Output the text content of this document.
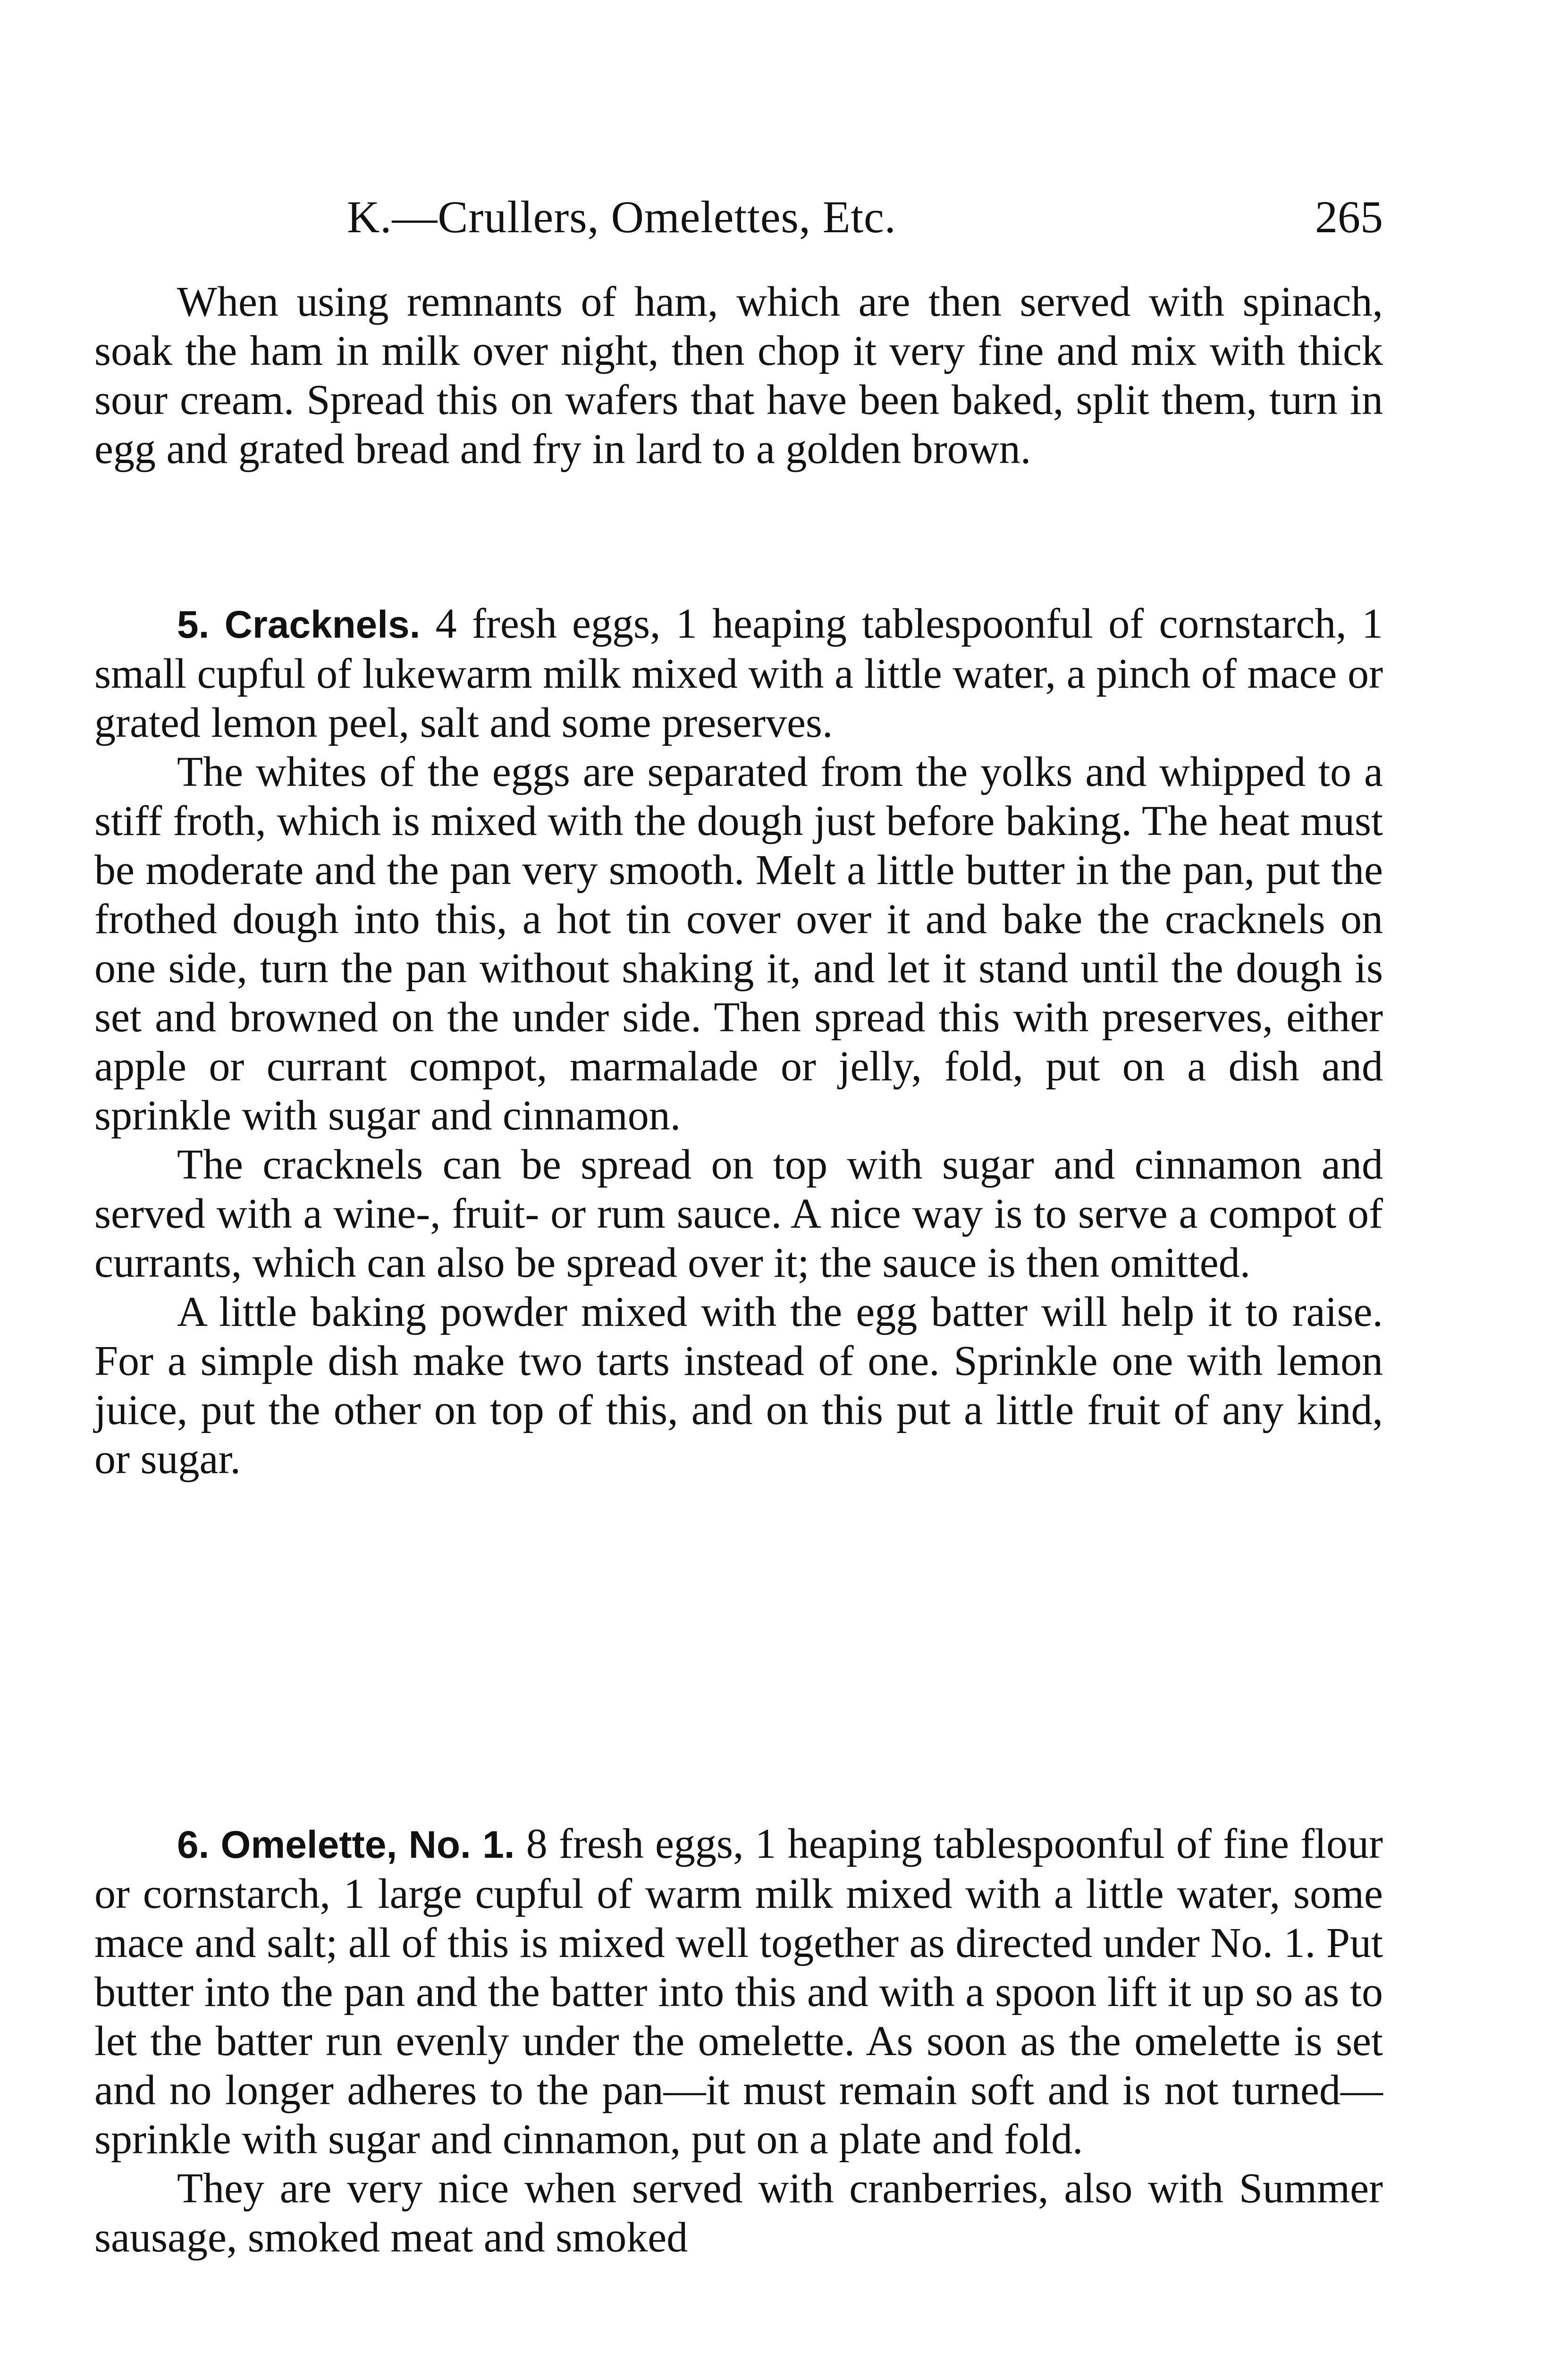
K.—Crullers, Omelettes, Etc.	265

When using remnants of ham, which are then served with spinach, soak the ham in milk over night, then chop it very fine and mix with thick sour cream. Spread this on wafers that have been baked, split them, turn in egg and grated bread and fry in lard to a golden brown.

5. Cracknels. 4 fresh eggs, 1 heaping tablespoonful of cornstarch, 1 small cupful of lukewarm milk mixed with a little water, a pinch of mace or grated lemon peel, salt and some preserves.

The whites of the eggs are separated from the yolks and whipped to a stiff froth, which is mixed with the dough just before baking. The heat must be moderate and the pan very smooth. Melt a little butter in the pan, put the frothed dough into this, a hot tin cover over it and bake the cracknels on one side, turn the pan without shaking it, and let it stand until the dough is set and browned on the under side. Then spread this with preserves, either apple or currant compot, marmalade or jelly, fold, put on a dish and sprinkle with sugar and cinnamon.

The cracknels can be spread on top with sugar and cinnamon and served with a wine-, fruit- or rum sauce. A nice way is to serve a compot of currants, which can also be spread over it; the sauce is then omitted.

A little baking powder mixed with the egg batter will help it to raise. For a simple dish make two tarts instead of one. Sprinkle one with lemon juice, put the other on top of this, and on this put a little fruit of any kind, or sugar.

6. Omelette, No. 1. 8 fresh eggs, 1 heaping tablespoonful of fine flour or cornstarch, 1 large cupful of warm milk mixed with a little water, some mace and salt; all of this is mixed well together as directed under No. 1. Put butter into the pan and the batter into this and with a spoon lift it up so as to let the batter run evenly under the omelette. As soon as the omelette is set and no longer adheres to the pan—it must remain soft and is not turned—sprinkle with sugar and cinnamon, put on a plate and fold.

They are very nice when served with cranberries, also with Summer sausage, smoked meat and smoked
